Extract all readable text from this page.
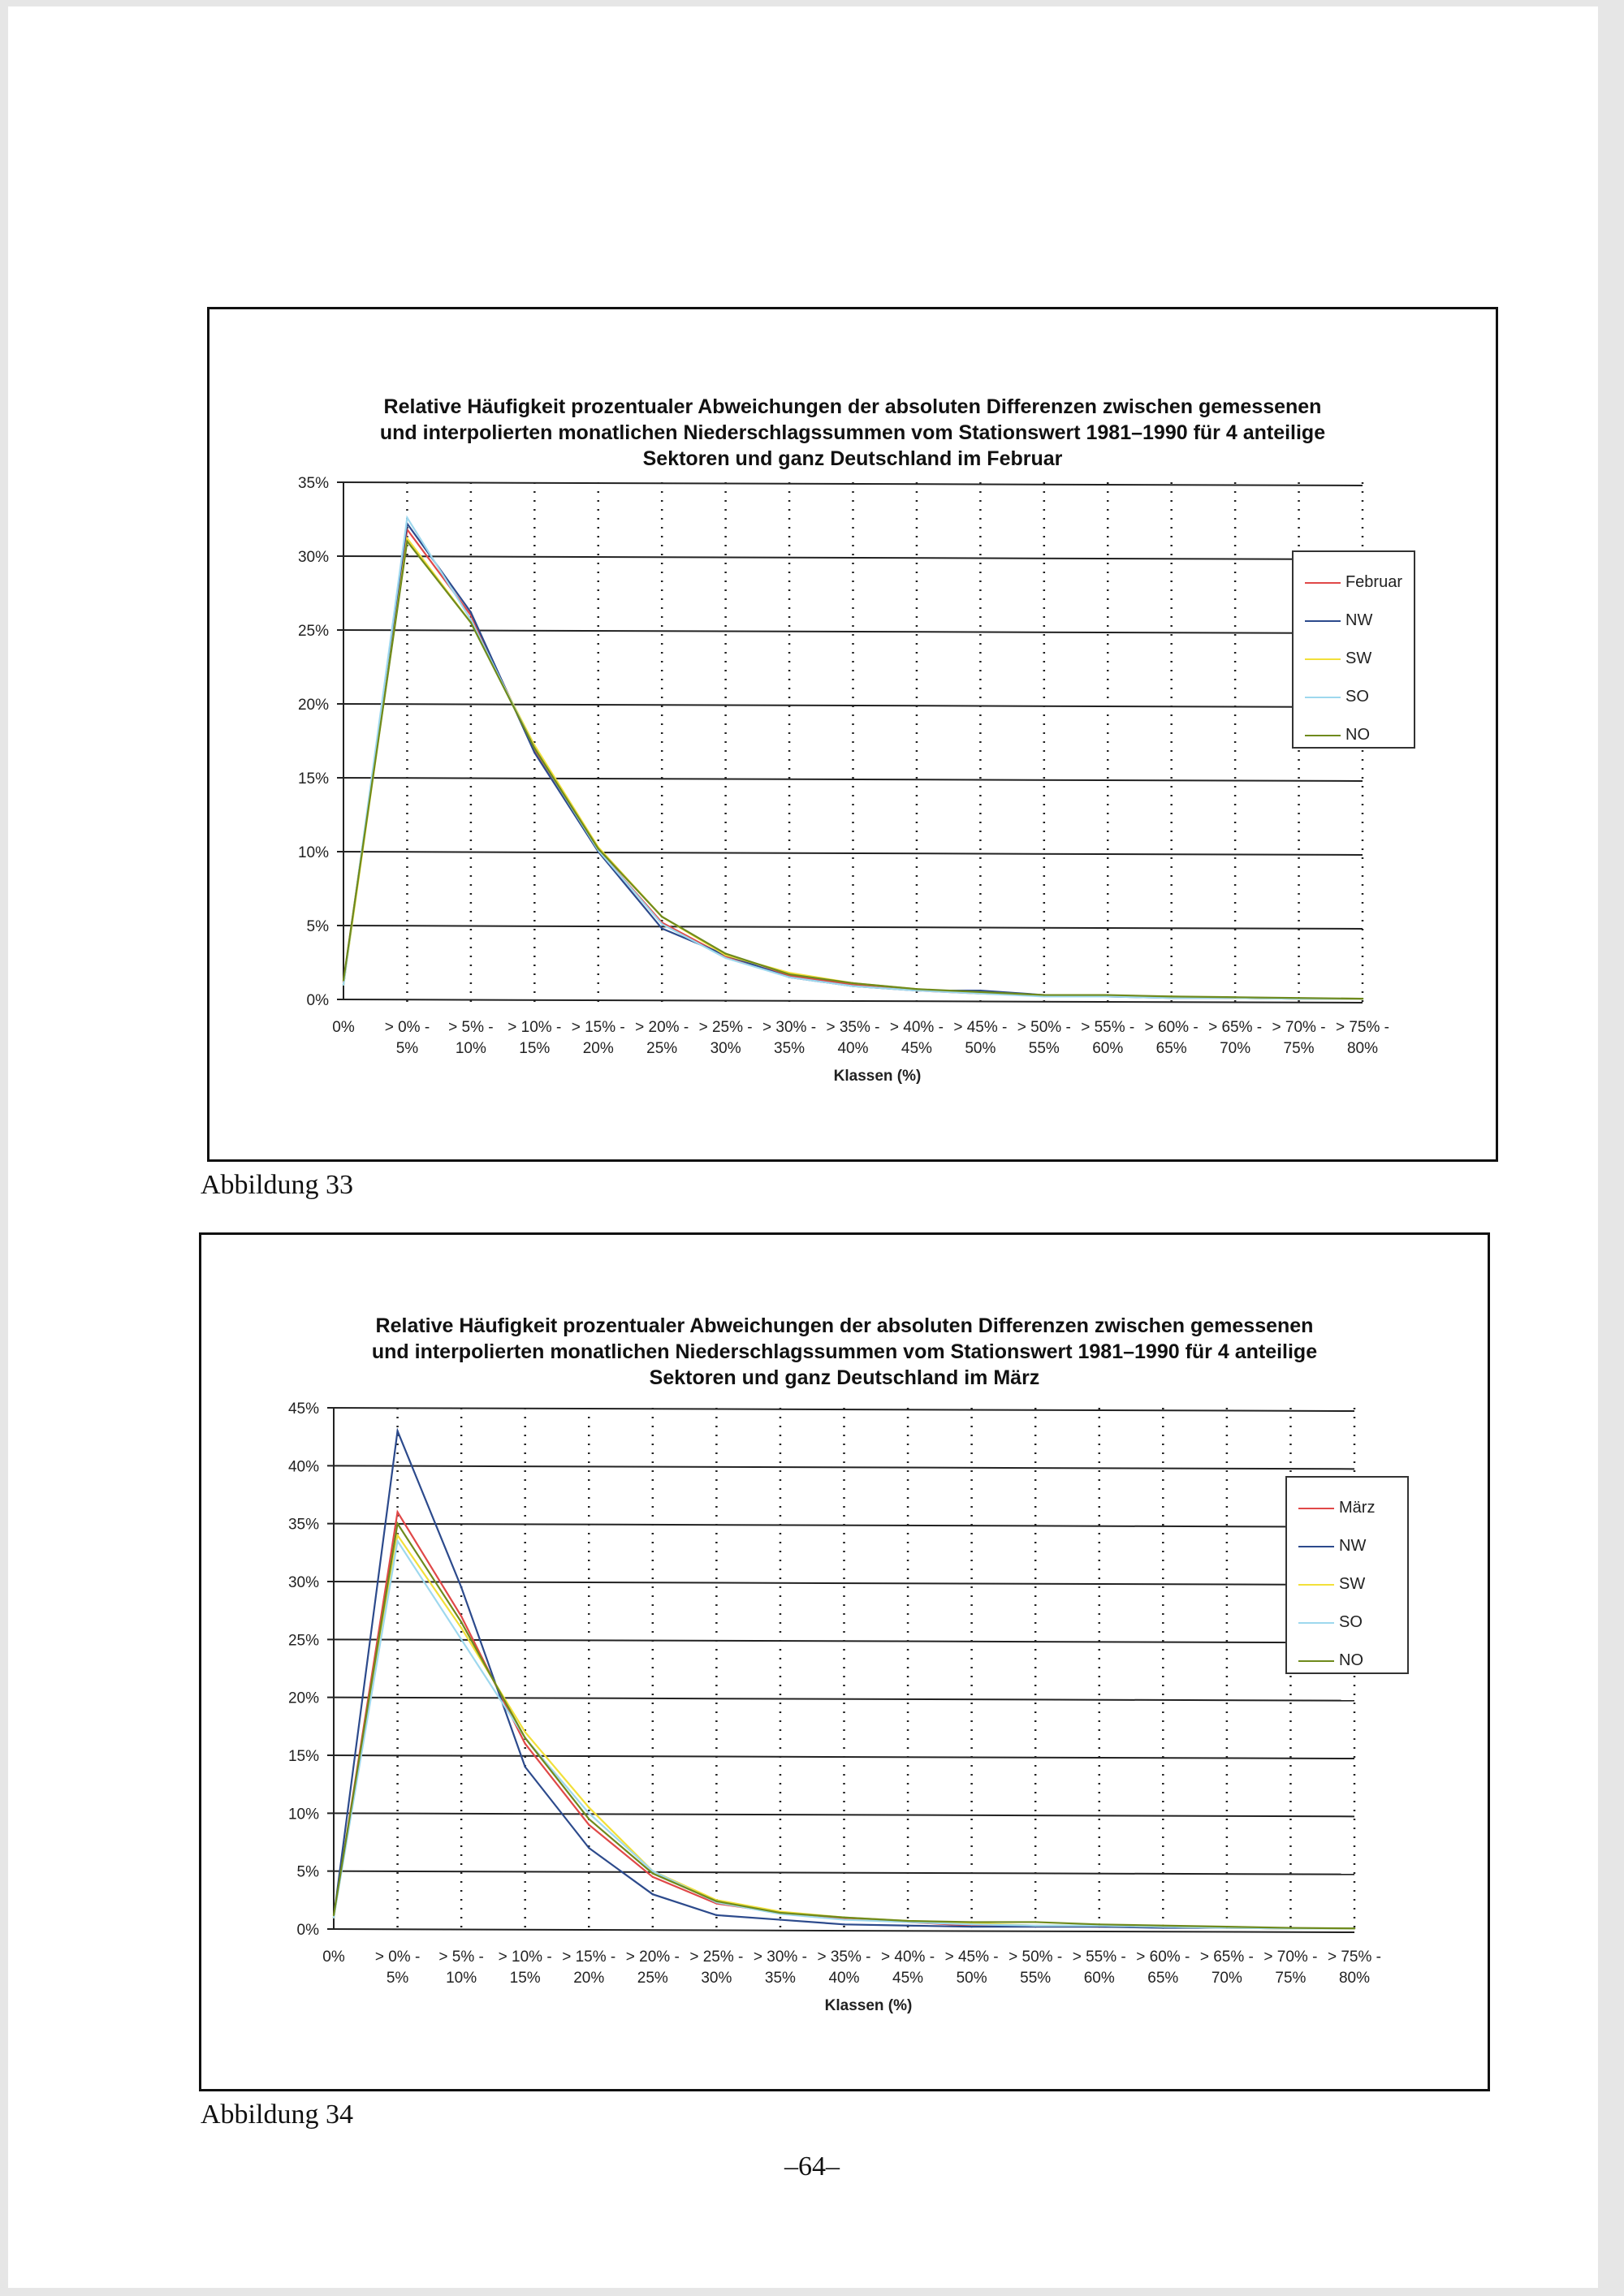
Relative Häufigkeit prozentualer Abweichungen der absoluten Differenzen zwischen gemessenen
und interpolierten monatlichen Niederschlagssummen vom Stationswert 1981–1990 für 4 anteilige
Sektoren und ganz Deutschland im Februar
0%
5%
10%
15%
20%
25%
30%
35%
0% > 0% -
5%
> 5% -
10%
> 10% -
15%
> 15% -
20%
> 20% -
25%
> 25% -
30%
> 30% -
35%
> 35% -
40%
> 40% -
45%
> 45% -
50%
> 50% -
55%
> 55% -
60%
> 60% -
65%
> 65% -
70%
> 70% -
75%
> 75% -
80%
Klassen (%)
Februar
NW
SW
SO
NO
Abbildung 33
Relative Häufigkeit prozentualer Abweichungen der absoluten Differenzen zwischen gemessenen
und interpolierten monatlichen Niederschlagssummen vom Stationswert 1981–1990 für 4 anteilige
Sektoren und ganz Deutschland im März
0%
5%
10%
15%
20%
25%
30%
35%
40%
45%
0% > 0% -
5%
> 5% -
10%
> 10% -
15%
> 15% -
20%
> 20% -
25%
> 25% -
30%
> 30% -
35%
> 35% -
40%
> 40% -
45%
> 45% -
50%
> 50% -
55%
> 55% -
60%
> 60% -
65%
> 65% -
70%
> 70% -
75%
> 75% -
80%
Klassen (%)
März
NW
SW
SO
NO
Abbildung 34
–64–
